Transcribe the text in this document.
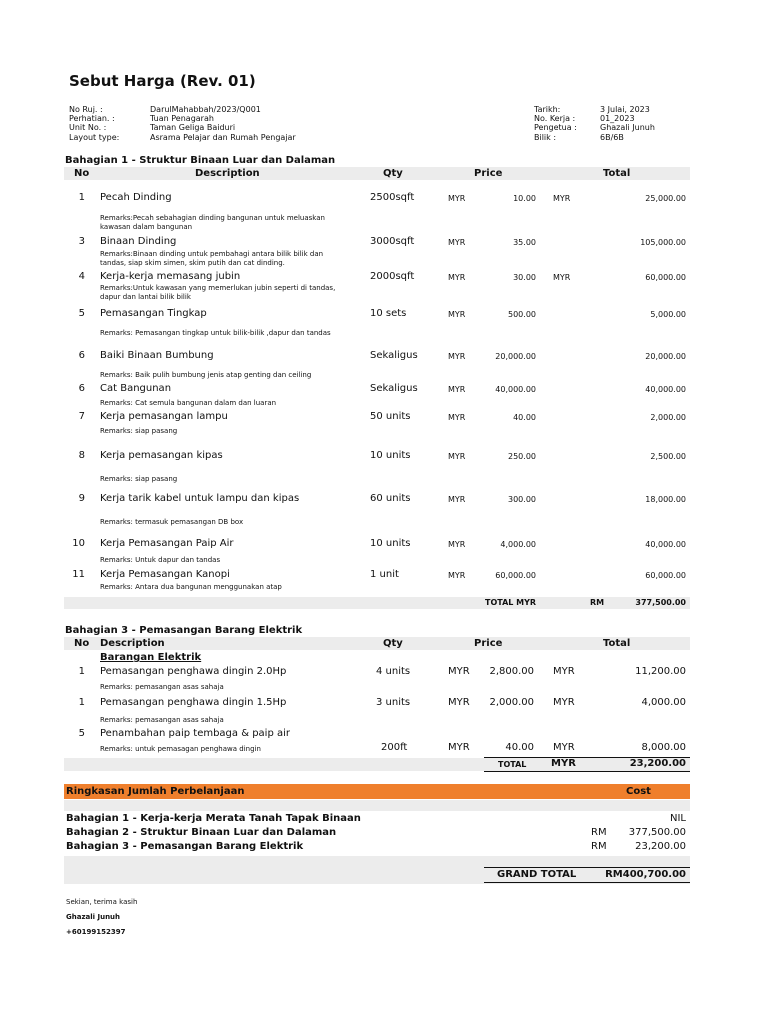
Sebut Harga (Rev. 01)
No Ruj. :	DarulMahabbah/2023/Q001
Perhatian. :	Tuan Penagarah
Unit No. :	Taman Geliga Baiduri
Layout type:	Asrama Pelajar dan Rumah Pengajar
Tarikh:	3 Julai, 2023
No. Kerja :	01_2023
Pengetua :	Ghazali Junuh
Bilik :	6B/6B
Bahagian 1 - Struktur Binaan Luar dan Dalaman
No	Description	Qty	Price	Total
1 Pecah Dinding	2500sqft	MYR	10.00 MYR	25,000.00
Remarks:Pecah sebahagian dinding bangunan untuk meluaskan
kawasan dalam bangunan
3 Binaan Dinding	3000sqft	MYR	35.00	105,000.00
Remarks:Binaan dinding untuk pembahagi antara bilik bilik dan
tandas, siap skim simen, skim putih dan cat dinding.
4 Kerja-kerja memasang jubin	2000sqft	MYR	30.00 MYR	60,000.00
Remarks:Untuk kawasan yang memerlukan jubin seperti di tandas,
dapur dan lantai bilik bilik
5 Pemasangan Tingkap	10 sets	MYR	500.00	5,000.00
Remarks: Pemasangan tingkap untuk bilik-bilik ,dapur dan tandas
6 Baiki Binaan Bumbung	Sekaligus	MYR	20,000.00	20,000.00
Remarks: Baik pulih bumbung jenis atap genting dan ceiling
6 Cat Bangunan	Sekaligus	MYR	40,000.00	40,000.00
Remarks: Cat semula bangunan dalam dan luaran
7 Kerja pemasangan lampu	50 units	MYR	40.00	2,000.00
Remarks: siap pasang
8 Kerja pemasangan kipas	10 units	MYR	250.00	2,500.00
Remarks: siap pasang
9 Kerja tarik kabel untuk lampu dan kipas	60 units	MYR	300.00	18,000.00
Remarks: termasuk pemasangan DB box
10 Kerja Pemasangan Paip Air	10 units	MYR	4,000.00	40,000.00
Remarks: Untuk dapur dan tandas
11 Kerja Pemasangan Kanopi	1 unit	MYR	60,000.00	60,000.00
Remarks: Antara dua bangunan menggunakan atap
TOTAL MYR	RM	377,500.00
Bahagian 3 - Pemasangan Barang Elektrik
No Description	Qty	Price	Total
Barangan Elektrik
1 Pemasangan penghawa dingin 2.0Hp	4 units	MYR 2,800.00 MYR	11,200.00
Remarks: pemasangan asas sahaja
1 Pemasangan penghawa dingin 1.5Hp	3 units	MYR 2,000.00 MYR	4,000.00
Remarks: pemasangan asas sahaja
5 Penambahan paip tembaga & paip air
200ft	MYR	40.00 MYR	8,000.00
Remarks: untuk pemasagan penghawa dingin
TOTAL MYR	23,200.00
Ringkasan Jumlah Perbelanjaan	Cost
Bahagian 1 - Kerja-kerja Merata Tanah Tapak Binaan	NIL
Bahagian 2 - Struktur Binaan Luar dan Dalaman	RM 377,500.00
Bahagian 3 - Pemasangan Barang Elektrik	RM	23,200.00
GRAND TOTAL	RM400,700.00
Sekian, terima kasih
Ghazali Junuh
+60199152397
